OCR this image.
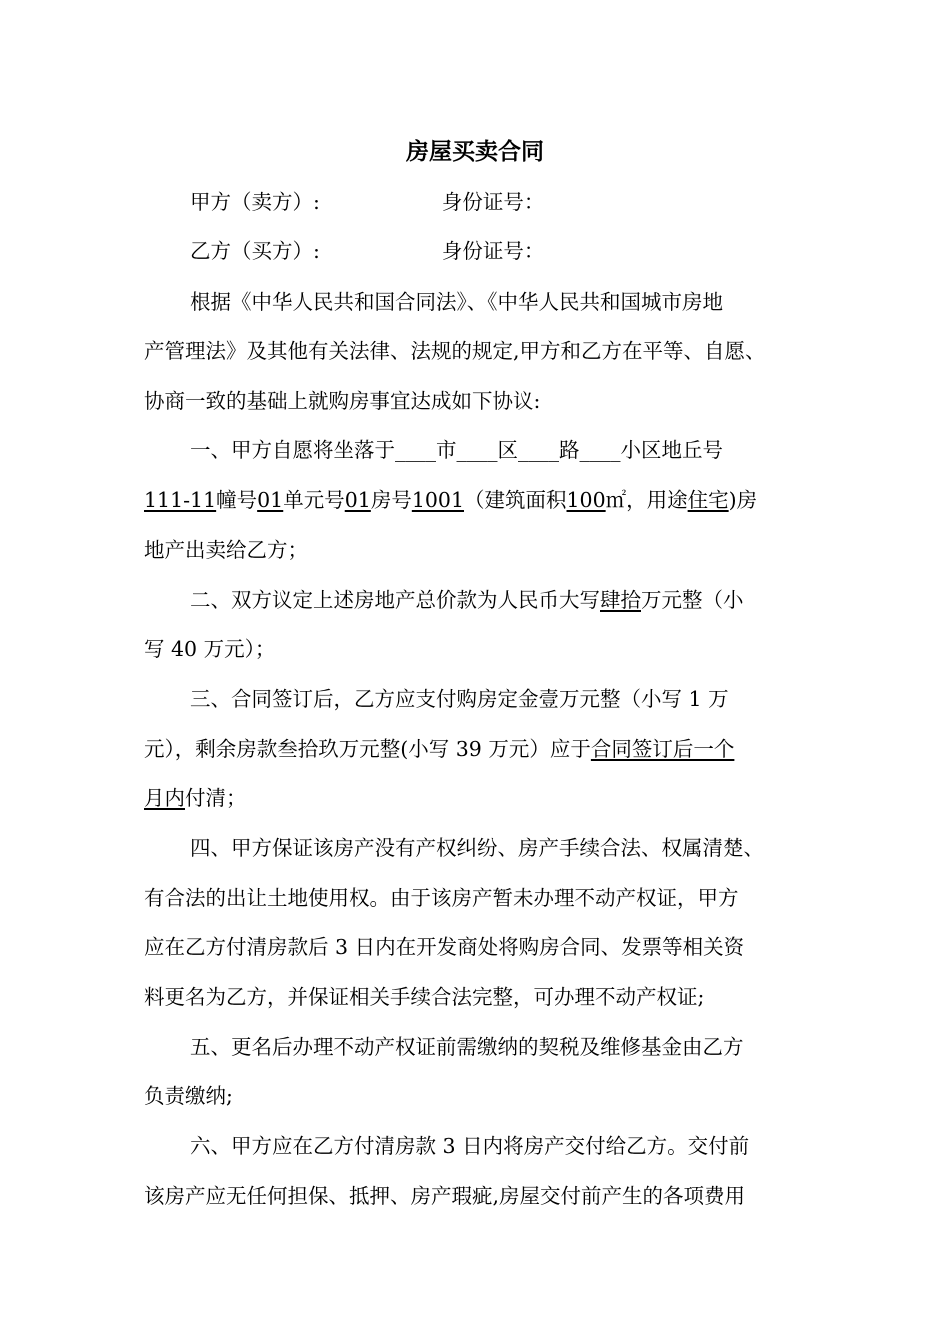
房屋买卖合同
甲方（卖方）:	身份证号：
乙方（买方）:	身份证号：
根据《中华人民共和国合同法》、《中华人民共和国城市房地
产管理法》及其他有关法律、法规的规定,甲方和乙方在平等、自愿、
协商一致的基础上就购房事宜达成如下协议:
一、甲方自愿将坐落于____市____区____路____小区地丘号
111-11幢号01单元号01房号1001（建筑面积100㎡，用途住宅)房
地产出卖给乙方；
二、双方议定上述房地产总价款为人民币大写肆拾万元整（小
写 40 万元）；
三、合同签订后，乙方应支付购房定金壹万元整（小写 1 万
元），剩余房款叁拾玖万元整(小写 39 万元）应于合同签订后一个
月内付清；
四、甲方保证该房产没有产权纠纷、房产手续合法、权属清楚、
有合法的出让土地使用权。由于该房产暂未办理不动产权证，甲方
应在乙方付清房款后 3 日内在开发商处将购房合同、发票等相关资
料更名为乙方，并保证相关手续合法完整，可办理不动产权证;
五、更名后办理不动产权证前需缴纳的契税及维修基金由乙方
负责缴纳;
六、甲方应在乙方付清房款 3 日内将房产交付给乙方。交付前
该房产应无任何担保、抵押、房产瑕疵,房屋交付前产生的各项费用
